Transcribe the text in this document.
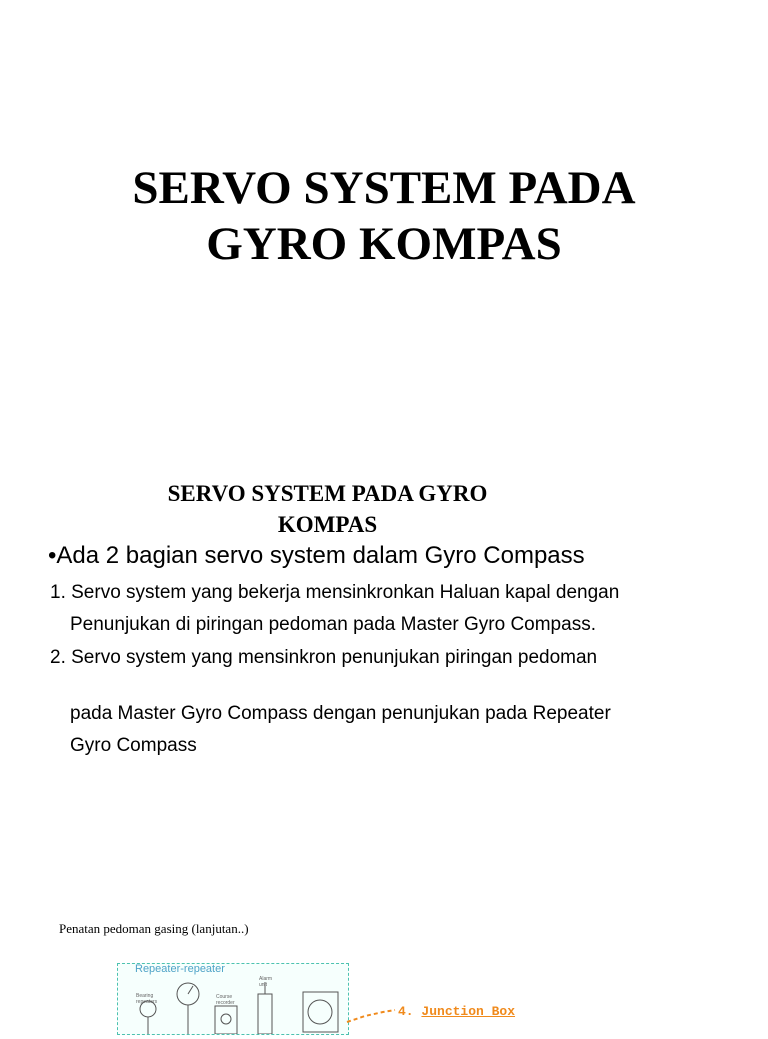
SERVO SYSTEM PADA
GYRO KOMPAS
SERVO SYSTEM PADA GYRO
KOMPAS
•Ada 2 bagian servo system dalam Gyro Compass
1. Servo system yang bekerja mensinkronkan Haluan kapal dengan
Penunjukan di piringan pedoman pada Master Gyro Compass.
2. Servo system yang mensinkron penunjukan piringan pedoman
pada Master Gyro Compass dengan penunjukan pada Repeater
Gyro Compass
Penatan pedoman gasing (lanjutan..)
Bearing
repeaters
Course
recorder
Alarm
unit
Repeater-repeater
4. Junction Box
